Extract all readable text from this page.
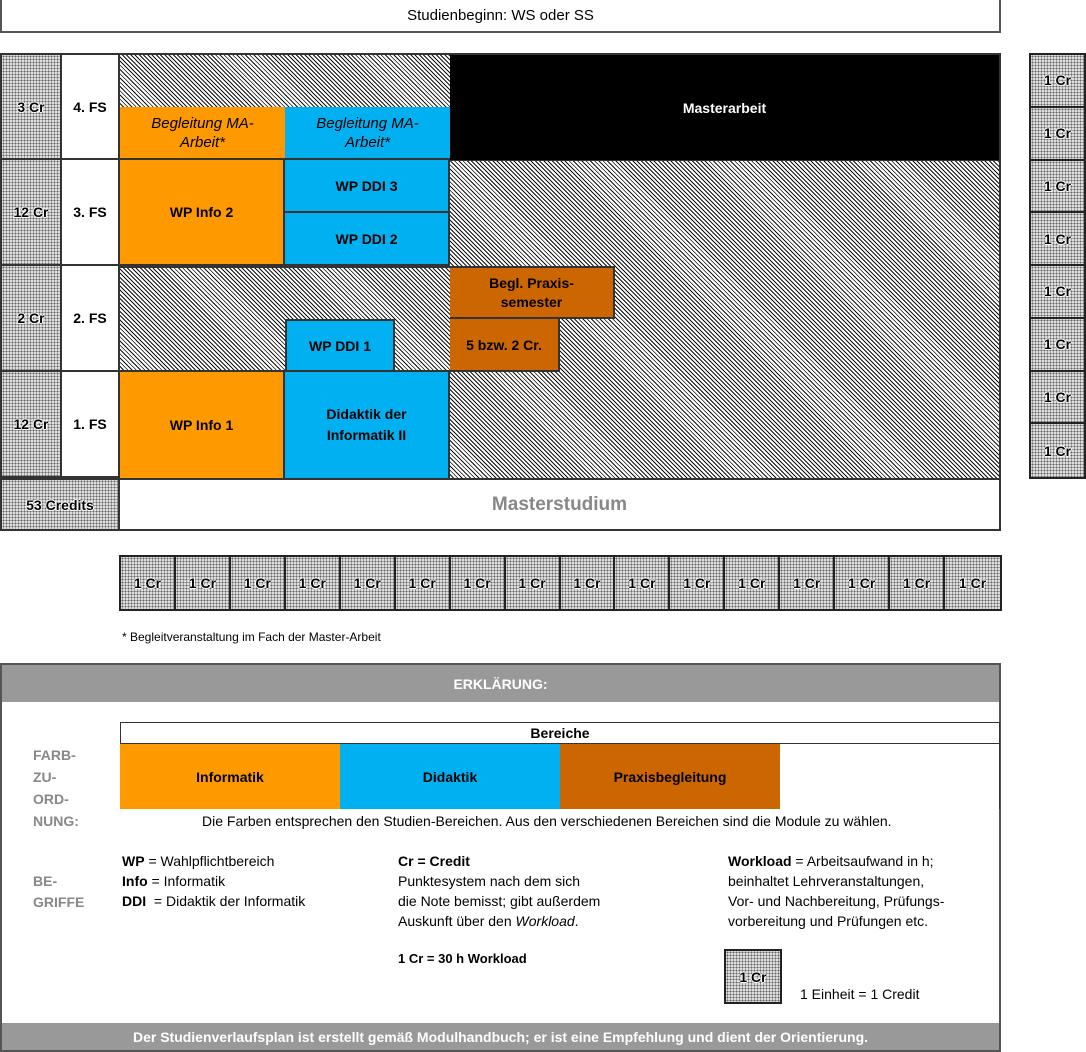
Studienbeginn: WS oder SS
3 Cr
12 Cr
2 Cr
12 Cr
4. FS
3. FS
2. FS
1. FS
Masterarbeit
Begleitung MA-Arbeit*
Begleitung MA-Arbeit*
WP Info 2
WP DDI 3
WP DDI 2
Begl. Praxis-semester
5 bzw. 2 Cr.
WP DDI 1
WP Info 1
Didaktik der Informatik II
53 Credits	Masterstudium
1 Cr
1 Cr
1 Cr
1 Cr
1 Cr
1 Cr
1 Cr
1 Cr
1 Cr	1 Cr	1 Cr	1 Cr	1 Cr	1 Cr	1 Cr	1 Cr	1 Cr	1 Cr	1 Cr	1 Cr	1 Cr	1 Cr	1 Cr	1 Cr
* Begleitveranstaltung im Fach der Master-Arbeit
ERKLÄRUNG:

FARB-
ZU-
ORD-
NUNG:
Bereiche
Informatik	Didaktik	Praxisbegleitung
Die Farben entsprechen den Studien-Bereichen. Aus den verschiedenen Bereichen sind die Module zu wählen.

BE-
GRIFFE
WP = Wahlpflichtbereich
Info = Informatik
DDI  = Didaktik der Informatik
Cr = Credit
Punktesystem nach dem sich
die Note bemisst; gibt außerdem
Auskunft über den Workload.
1 Cr = 30 h Workload
Workload = Arbeitsaufwand in h;
beinhaltet Lehrveranstaltungen,
Vor- und Nachbereitung, Prüfungs-
vorbereitung und Prüfungen etc.
1 Cr
1 Einheit = 1 Credit
Der Studienverlaufsplan ist erstellt gemäß Modulhandbuch; er ist eine Empfehlung und dient der Orientierung.
